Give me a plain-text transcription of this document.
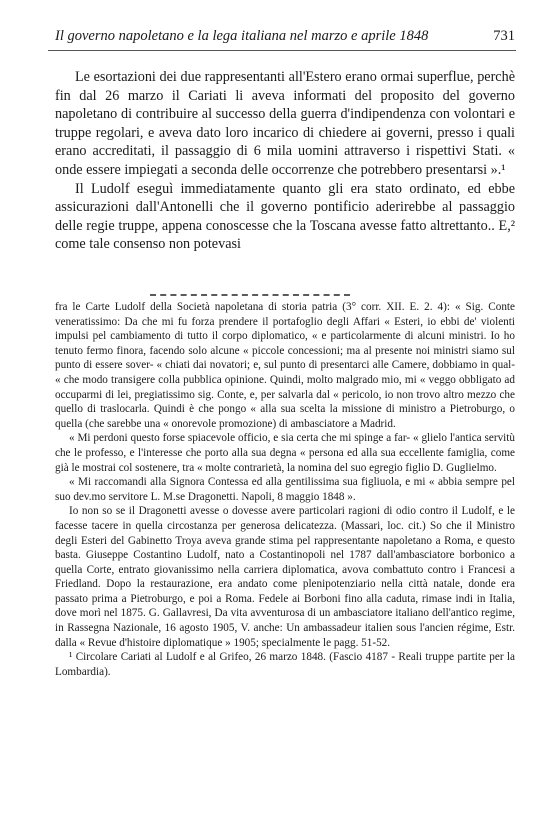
Il governo napoletano e la lega italiana nel marzo e aprile 1848	731

Le esortazioni dei due rappresentanti all'Estero erano ormai superflue, perchè fin dal 26 marzo il Cariati li aveva informati del proposito del governo napoletano di contribuire al successo della guerra d'indipendenza con volontari e truppe regolari, e aveva dato loro incarico di chiedere ai governi, presso i quali erano accreditati, il passaggio di 6 mila uomini attraverso i rispettivi Stati. « onde essere impiegati a seconda delle occorrenze che potrebbero presentarsi ».¹

Il Ludolf eseguì immediatamente quanto gli era stato ordinato, ed ebbe assicurazioni dall'Antonelli che il governo pontificio aderirebbe al passaggio delle regie truppe, appena conoscesse che la Toscana avesse fatto altrettanto.. E,² come tale consenso non potevasi

fra le Carte Ludolf della Società napoletana di storia patria (3° corr. XII. E. 2. 4): « Sig. Conte veneratissimo: Da che mi fu forza prendere il portafoglio degli Affari « Esteri, io ebbi de' violenti impulsi pel cambiamento di tutto il corpo diplomatico, « e particolarmente di alcuni ministri. Io ho tenuto fermo finora, facendo solo alcune « piccole concessioni; ma al presente noi ministri siamo sul punto di essere sover- « chiati dai novatori; e, sul punto di presentarci alle Camere, dobbiamo in qual- « che modo transigere colla pubblica opinione. Quindi, molto malgrado mio, mi « veggo obbligato ad occuparmi di lei, pregiatissimo sig. Conte, e, per salvarla dal « pericolo, io non trovo altro mezzo che quello di traslocarla. Quindi è che pongo « alla sua scelta la missione di ministro a Pietroburgo, o quella (che sarebbe una « onorevole promozione) di ambasciatore a Madrid.

« Mi perdoni questo forse spiacevole officio, e sia certa che mi spinge a far- « glielo l'antica servitù che le professo, e l'interesse che porto alla sua degna « persona ed alla sua eccellente famiglia, come già le mostrai col sostenere, tra « molte contrarietà, la nomina del suo egregio figlio D. Guglielmo.

« Mi raccomandi alla Signora Contessa ed alla gentilissima sua figliuola, e mi « abbia sempre pel suo dev.mo servitore L. M.se Dragonetti. Napoli, 8 maggio 1848 ».

Io non so se il Dragonetti avesse o dovesse avere particolari ragioni di odio contro il Ludolf, e le facesse tacere in quella circostanza per generosa delicatezza. (Massari, loc. cit.) So che il Ministro degli Esteri del Gabinetto Troya aveva grande stima pel rappresentante napoletano a Roma, e questo basta. Giuseppe Costantino Ludolf, nato a Costantinopoli nel 1787 dall'ambasciatore borbonico a quella Corte, entrato giovanissimo nella carriera diplomatica, avova combattuto contro i Francesi a Friedland. Dopo la restaurazione, era andato come plenipotenziario nella città natale, donde era passato prima a Pietroburgo, e poi a Roma. Fedele ai Borboni fino alla caduta, rimase indi in Italia, dove morì nel 1875. G. Gallavresi, Da vita avventurosa di un ambasciatore italiano dell'antico regime, in Rassegna Nazionale, 16 agosto 1905, V. anche: Un ambassadeur italien sous l'ancien régime, Estr. dalla « Revue d'histoire diplomatique » 1905; specialmente le pagg. 51-52.

¹ Circolare Cariati al Ludolf e al Grifeo, 26 marzo 1848. (Fascio 4187 - Reali truppe partite per la Lombardia).
